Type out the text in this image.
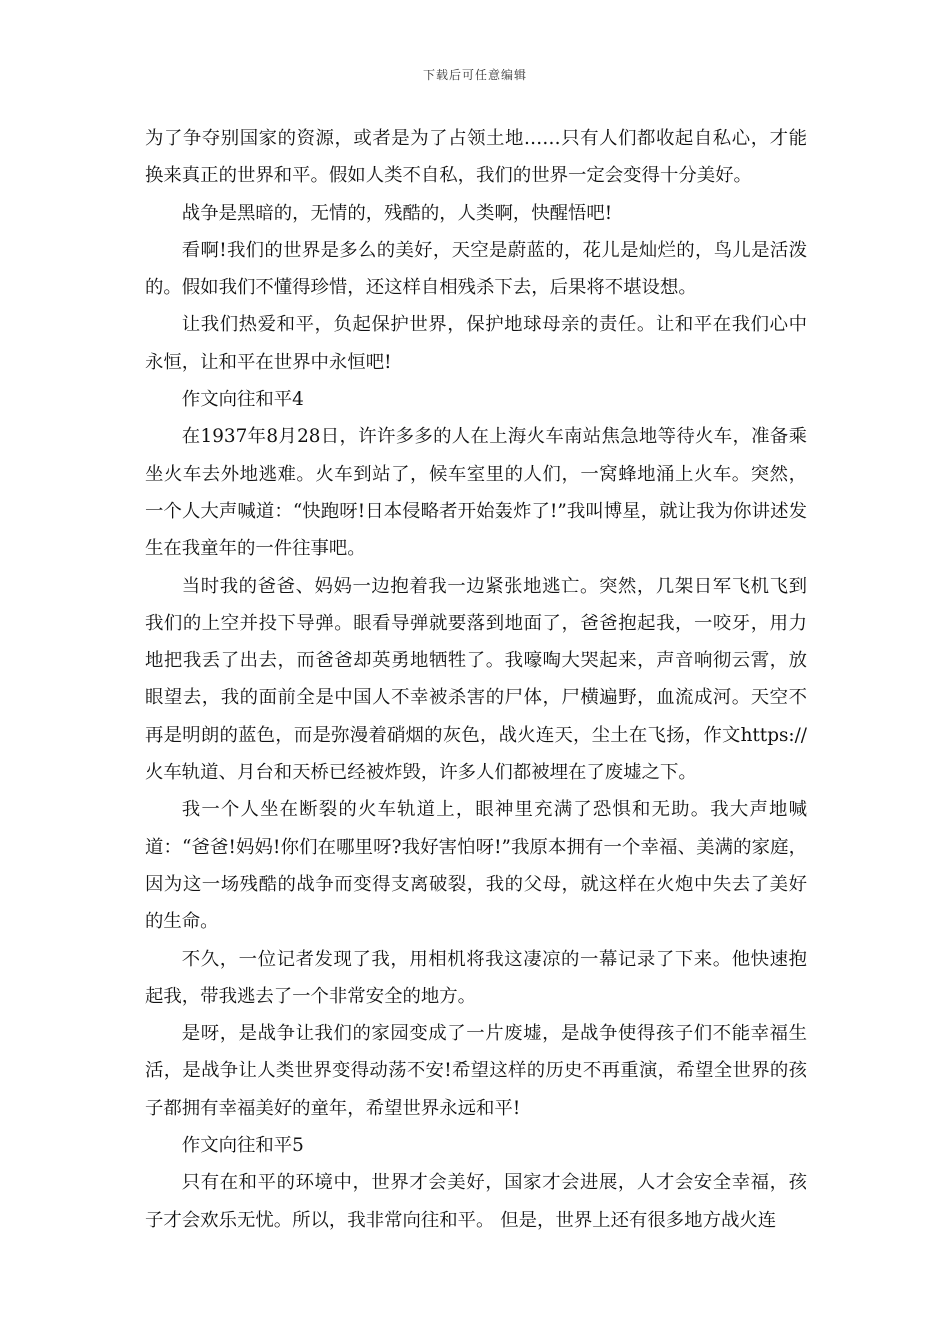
下载后可任意编辑

为了争夺别国家的资源，或者是为了占领土地……只有人们都收起自私心，才能换来真正的世界和平。假如人类不自私，我们的世界一定会变得十分美好。

战争是黑暗的，无情的，残酷的，人类啊，快醒悟吧!

看啊!我们的世界是多么的美好，天空是蔚蓝的，花儿是灿烂的，鸟儿是活泼的。假如我们不懂得珍惜，还这样自相残杀下去，后果将不堪设想。

让我们热爱和平，负起保护世界，保护地球母亲的责任。让和平在我们心中永恒，让和平在世界中永恒吧!

作文向往和平4

在1937年8月28日，许许多多的人在上海火车南站焦急地等待火车，准备乘坐火车去外地逃难。火车到站了，候车室里的人们，一窝蜂地涌上火车。突然，一个人大声喊道：“快跑呀!日本侵略者开始轰炸了!”我叫博星，就让我为你讲述发生在我童年的一件往事吧。

当时我的爸爸、妈妈一边抱着我一边紧张地逃亡。突然，几架日军飞机飞到我们的上空并投下导弹。眼看导弹就要落到地面了，爸爸抱起我，一咬牙，用力地把我丢了出去，而爸爸却英勇地牺牲了。我嚎啕大哭起来，声音响彻云霄，放眼望去，我的面前全是中国人不幸被杀害的尸体，尸横遍野，血流成河。天空不再是明朗的蓝色，而是弥漫着硝烟的灰色，战火连天，尘土在飞扬，作文https://火车轨道、月台和天桥已经被炸毁，许多人们都被埋在了废墟之下。

我一个人坐在断裂的火车轨道上，眼神里充满了恐惧和无助。我大声地喊道：“爸爸!妈妈!你们在哪里呀?我好害怕呀!”我原本拥有一个幸福、美满的家庭，因为这一场残酷的战争而变得支离破裂，我的父母，就这样在火炮中失去了美好的生命。

不久，一位记者发现了我，用相机将我这凄凉的一幕记录了下来。他快速抱起我，带我逃去了一个非常安全的地方。

是呀，是战争让我们的家园变成了一片废墟，是战争使得孩子们不能幸福生活，是战争让人类世界变得动荡不安!希望这样的历史不再重演，希望全世界的孩子都拥有幸福美好的童年，希望世界永远和平!

作文向往和平5

只有在和平的环境中，世界才会美好，国家才会进展，人才会安全幸福，孩子才会欢乐无忧。所以，我非常向往和平。 但是，世界上还有很多地方战火连
